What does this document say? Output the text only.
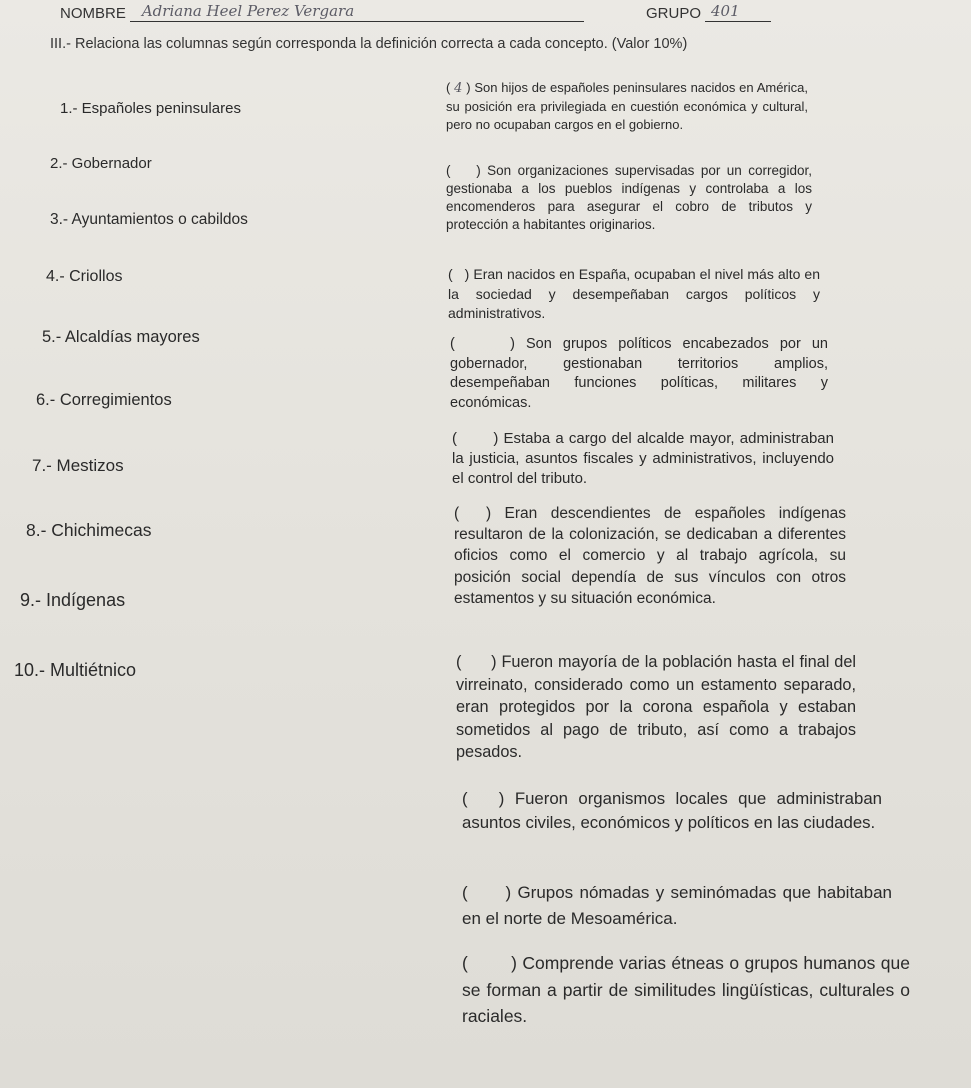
NOMBRE Adriana Heel Perez Vergara	GRUPO 401
III.- Relaciona las columnas según corresponda la definición correcta a cada concepto. (Valor 10%)
1.- Españoles peninsulares
2.- Gobernador
3.- Ayuntamientos o cabildos
4.- Criollos
5.- Alcaldías mayores
6.- Corregimientos
7.- Mestizos
8.- Chichimecas
9.- Indígenas
10.- Multiétnico
( 4 ) Son hijos de españoles peninsulares nacidos en América, su posición era privilegiada en cuestión económica y cultural, pero no ocupaban cargos en el gobierno.
(    ) Son organizaciones supervisadas por un corregidor, gestionaba a los pueblos indígenas y controlaba a los encomenderos para asegurar el cobro de tributos y protección a habitantes originarios.
(   ) Eran nacidos en España, ocupaban el nivel más alto en la sociedad y desempeñaban cargos políticos y administrativos.
(     ) Son grupos políticos encabezados por un gobernador, gestionaban territorios amplios, desempeñaban funciones políticas, militares y económicas.
(       ) Estaba a cargo del alcalde mayor, administraban la justicia, asuntos fiscales y administrativos, incluyendo el control del tributo.
(  ) Eran descendientes de españoles indígenas resultaron de la colonización, se dedicaban a diferentes oficios como el comercio y al trabajo agrícola, su posición social dependía de sus vínculos con otros estamentos y su situación económica.
(      ) Fueron mayoría de la población hasta el final del virreinato, considerado como un estamento separado, eran protegidos por la corona española y estaban sometidos al pago de tributo, así como a trabajos pesados.
(   ) Fueron organismos locales que administraban asuntos civiles, económicos y políticos en las ciudades.
(      ) Grupos nómadas y seminómadas que habitaban en el norte de Mesoamérica.
(        ) Comprende varias étneas o grupos humanos que se forman a partir de similitudes lingüísticas, culturales o raciales.
